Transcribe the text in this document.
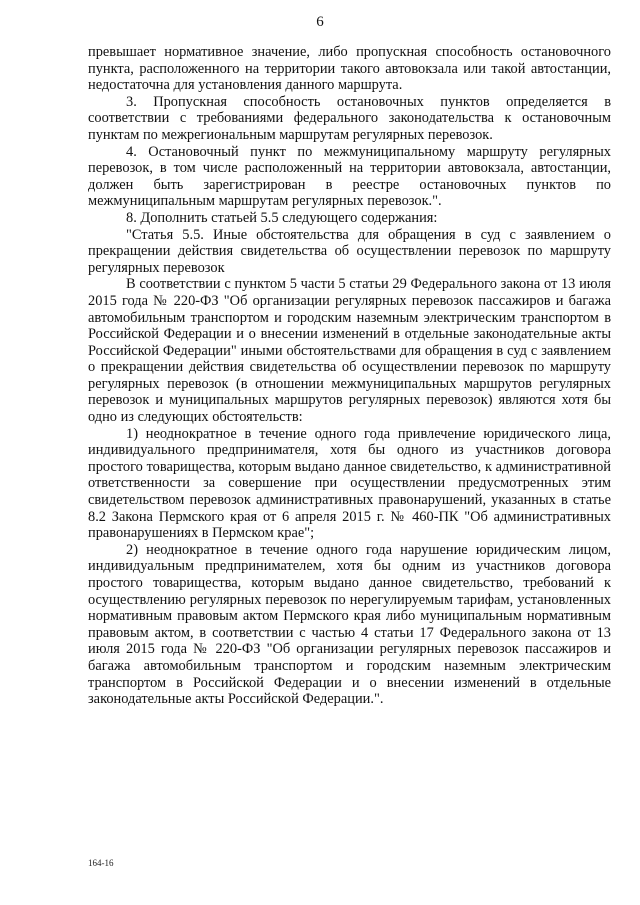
6

превышает нормативное значение, либо пропускная способность остановочного пункта, расположенного на территории такого автовокзала или такой автостанции, недостаточна для установления данного маршрута.

3. Пропускная способность остановочных пунктов определяется в соответствии с требованиями федерального законодательства к остановочным пунктам по межрегиональным маршрутам регулярных перевозок.

4. Остановочный пункт по межмуниципальному маршруту регулярных перевозок, в том числе расположенный на территории автовокзала, автостанции, должен быть зарегистрирован в реестре остановочных пунктов по межмуниципальным маршрутам регулярных перевозок.".

8. Дополнить статьей 5.5 следующего содержания:

"Статья 5.5. Иные обстоятельства для обращения в суд с заявлением о прекращении действия свидетельства об осуществлении перевозок по маршруту регулярных перевозок

В соответствии с пунктом 5 части 5 статьи 29 Федерального закона от 13 июля 2015 года № 220-ФЗ "Об организации регулярных перевозок пассажиров и багажа автомобильным транспортом и городским наземным электрическим транспортом в Российской Федерации и о внесении изменений в отдельные законодательные акты Российской Федерации" иными обстоятельствами для обращения в суд с заявлением о прекращении действия свидетельства об осуществлении перевозок по маршруту регулярных перевозок (в отношении межмуниципальных маршрутов регулярных перевозок и муниципальных маршрутов регулярных перевозок) являются хотя бы одно из следующих обстоятельств:

1) неоднократное в течение одного года привлечение юридического лица, индивидуального предпринимателя, хотя бы одного из участников договора простого товарищества, которым выдано данное свидетельство, к административной ответственности за совершение при осуществлении предусмотренных этим свидетельством перевозок административных правонарушений, указанных в статье 8.2 Закона Пермского края от 6 апреля 2015 г. № 460-ПК "Об административных правонарушениях в Пермском крае";

2) неоднократное в течение одного года нарушение юридическим лицом, индивидуальным предпринимателем, хотя бы одним из участников договора простого товарищества, которым выдано данное свидетельство, требований к осуществлению регулярных перевозок по нерегулируемым тарифам, установленных нормативным правовым актом Пермского края либо муниципальным нормативным правовым актом, в соответствии с частью 4 статьи 17 Федерального закона от 13 июля 2015 года № 220-ФЗ "Об организации регулярных перевозок пассажиров и багажа автомобильным транспортом и городским наземным электрическим транспортом в Российской Федерации и о внесении изменений в отдельные законодательные акты Российской Федерации.".

164-16
